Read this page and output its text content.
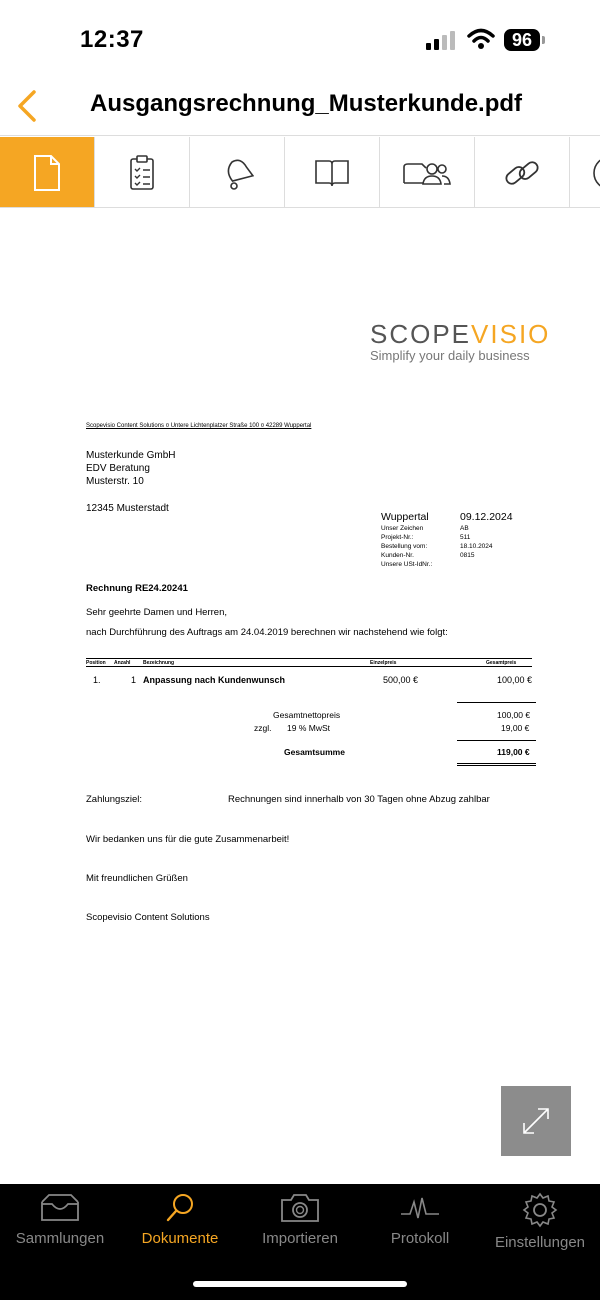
12:37	96
Ausgangsrechnung_Musterkunde.pdf
SCOPEVISIO
Simplify your daily business
Scopevisio Content Solutions ¤ Untere Lichtenplatzer Straße 100 ¤ 42289 Wuppertal
Musterkunde GmbH
EDV Beratung
Musterstr. 10
12345 Musterstadt
Wuppertal	09.12.2024
Unser Zeichen	AB
Projekt-Nr.:	511
Bestellung vom:	18.10.2024
Kunden-Nr.	0815
Unsere USt-IdNr.:
Rechnung RE24.20241
Sehr geehrte Damen und Herren,
nach Durchführung des Auftrags am 24.04.2019 berechnen wir nachstehend wie folgt:
Position Anzahl	Bezeichnung	Einzelpreis	Gesamtpreis
1.	1 Anpassung nach Kundenwunsch	500,00 €	100,00 €
Gesamtnettopreis	100,00 €
zzgl. 19 % MwSt	19,00 €
Gesamtsumme	119,00 €
Zahlungsziel:	Rechnungen sind innerhalb von 30 Tagen ohne Abzug zahlbar
Wir bedanken uns für die gute Zusammenarbeit!
Mit freundlichen Grüßen
Scopevisio Content Solutions
Sammlungen	Dokumente	Importieren	Protokoll	Einstellungen
